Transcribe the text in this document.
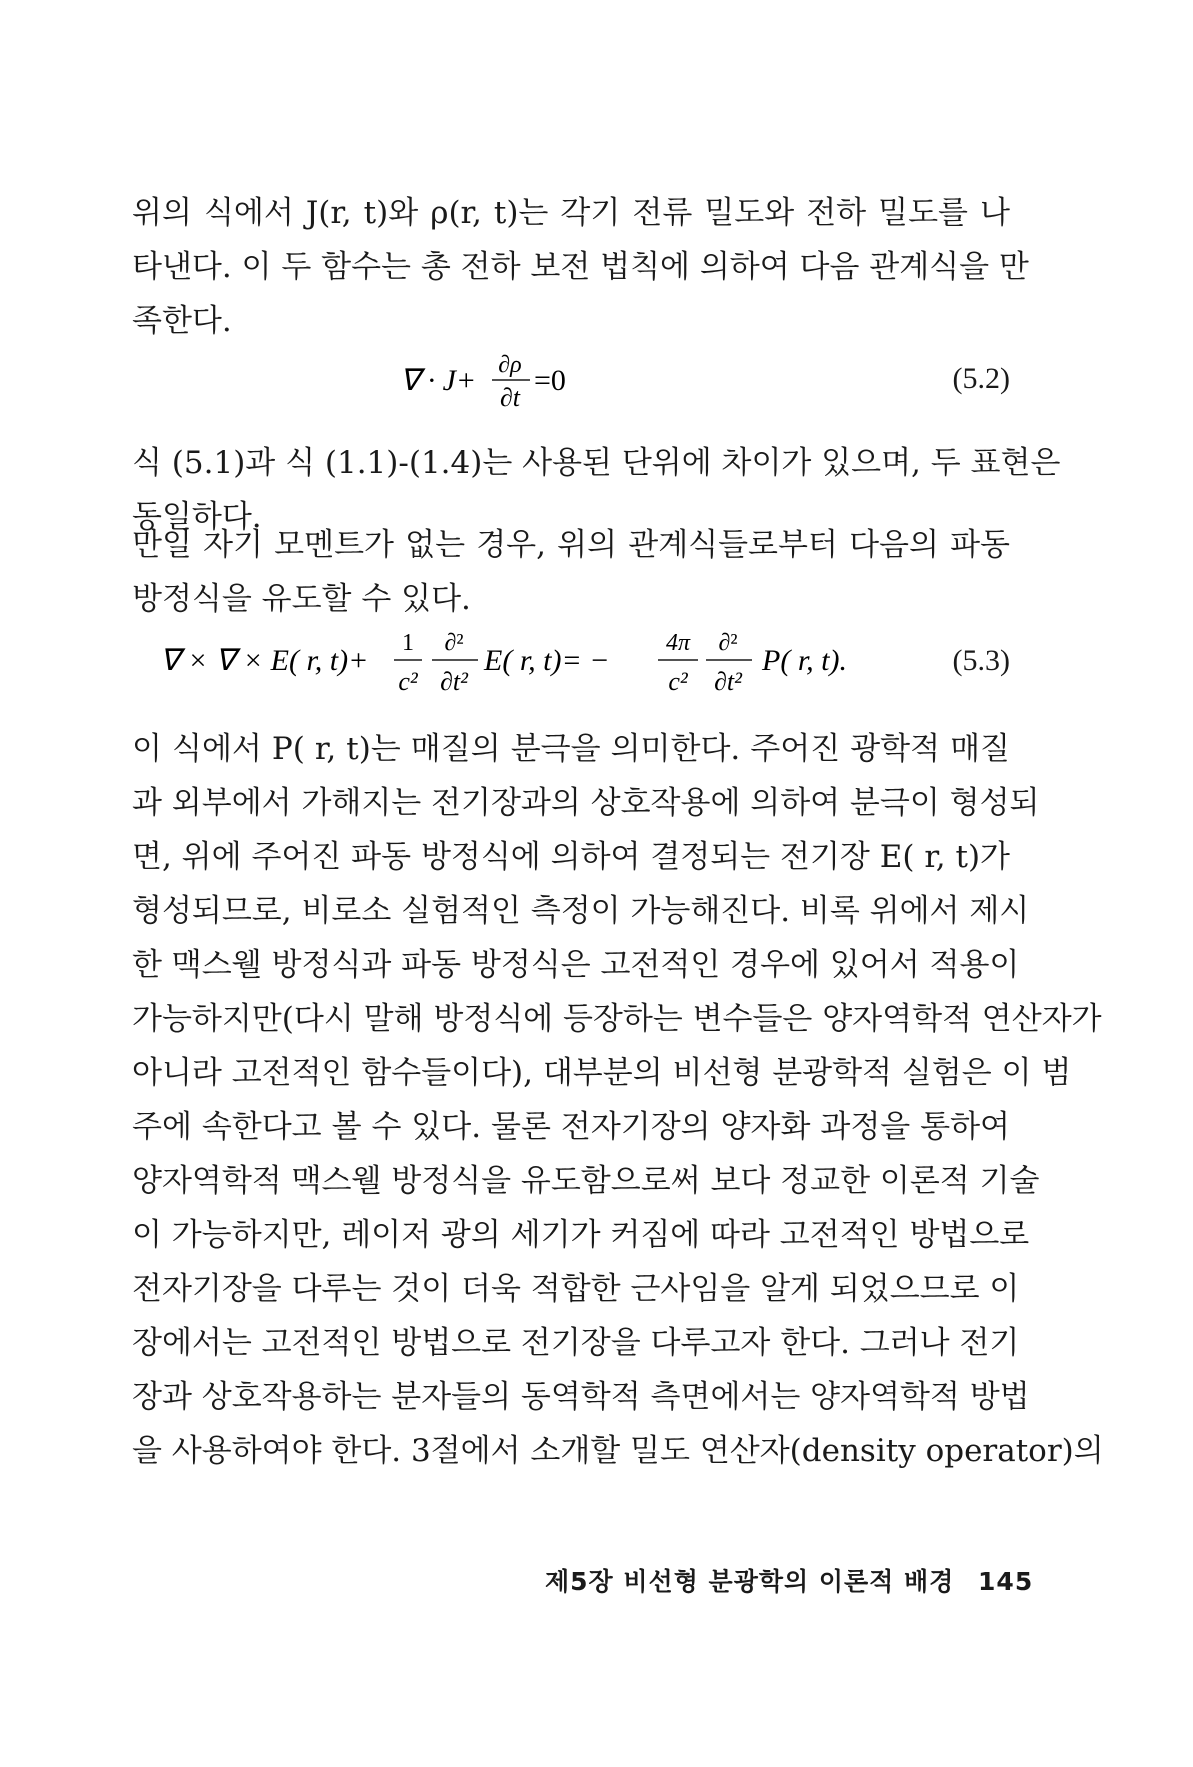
위의 식에서 J(r, t)와 ρ(r, t)는 각기 전류 밀도와 전하 밀도를 나
타낸다. 이 두 함수는 총 전하 보전 법칙에 의하여 다음 관계식을 만
족한다.
∇ · J+ ∂ρ
∂t
=0	(5.2)
식 (5.1)과 식 (1.1)-(1.4)는 사용된 단위에 차이가 있으며, 두 표현은
동일하다.
만일 자기 모멘트가 없는 경우, 위의 관계식들로부터 다음의 파동
방정식을 유도할 수 있다.
∇ × ∇ × E( r, t)+
1
c²
∂²
∂t²
E( r, t)= −
4π
c²
∂²
∂t²
P( r, t).	(5.3)
이 식에서 P( r, t)는 매질의 분극을 의미한다. 주어진 광학적 매질
과 외부에서 가해지는 전기장과의 상호작용에 의하여 분극이 형성되
면, 위에 주어진 파동 방정식에 의하여 결정되는 전기장 E( r, t)가
형성되므로, 비로소 실험적인 측정이 가능해진다. 비록 위에서 제시
한 맥스웰 방정식과 파동 방정식은 고전적인 경우에 있어서 적용이
가능하지만(다시 말해 방정식에 등장하는 변수들은 양자역학적 연산자가
아니라 고전적인 함수들이다), 대부분의 비선형 분광학적 실험은 이 범
주에 속한다고 볼 수 있다. 물론 전자기장의 양자화 과정을 통하여
양자역학적 맥스웰 방정식을 유도함으로써 보다 정교한 이론적 기술
이 가능하지만, 레이저 광의 세기가 커짐에 따라 고전적인 방법으로
전자기장을 다루는 것이 더욱 적합한 근사임을 알게 되었으므로 이
장에서는 고전적인 방법으로 전기장을 다루고자 한다. 그러나 전기
장과 상호작용하는 분자들의 동역학적 측면에서는 양자역학적 방법
을 사용하여야 한다. 3절에서 소개할 밀도 연산자(density operator)의
제5장 비선형 분광학의 이론적 배경 145
